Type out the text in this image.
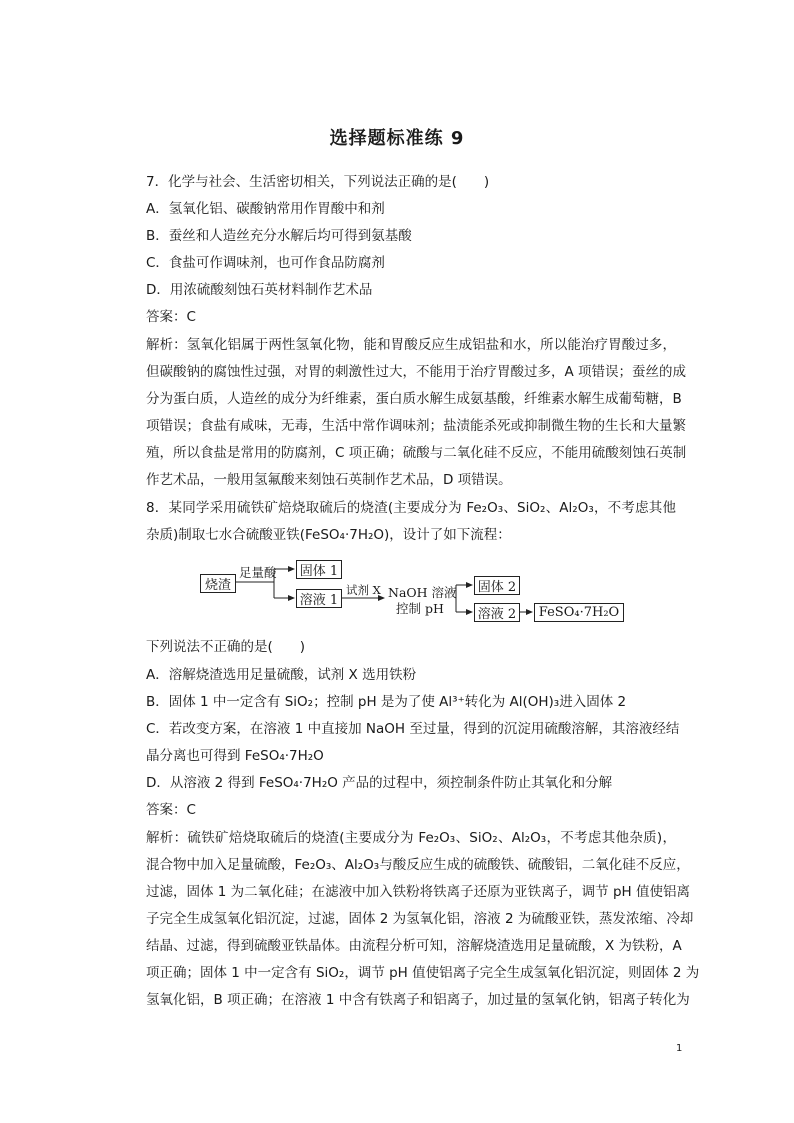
选择题标准练 9
7．化学与社会、生活密切相关，下列说法正确的是(　　)
A．氢氧化铝、碳酸钠常用作胃酸中和剂
B．蚕丝和人造丝充分水解后均可得到氨基酸
C．食盐可作调味剂，也可作食品防腐剂
D．用浓硫酸刻蚀石英材料制作艺术品
答案：C
解析：氢氧化铝属于两性氢氧化物，能和胃酸反应生成铝盐和水，所以能治疗胃酸过多，
但碳酸钠的腐蚀性过强，对胃的刺激性过大，不能用于治疗胃酸过多，A 项错误；蚕丝的成
分为蛋白质，人造丝的成分为纤维素，蛋白质水解生成氨基酸，纤维素水解生成葡萄糖，B
项错误；食盐有咸味，无毒，生活中常作调味剂；盐渍能杀死或抑制微生物的生长和大量繁
殖，所以食盐是常用的防腐剂，C 项正确；硫酸与二氧化硅不反应，不能用硫酸刻蚀石英制
作艺术品，一般用氢氟酸来刻蚀石英制作艺术品，D 项错误。
8．某同学采用硫铁矿焙烧取硫后的烧渣(主要成分为 Fe₂O₃、SiO₂、Al₂O₃，不考虑其他
杂质)制取七水合硫酸亚铁(FeSO₄·7H₂O)，设计了如下流程：
烧渣
足量酸 固体 1
溶液 1
试剂 X NaOH 溶液
控制 pH
固体 2
溶液 2	FeSO₄·7H₂O
下列说法不正确的是(　　)
A．溶解烧渣选用足量硫酸，试剂 X 选用铁粉
B．固体 1 中一定含有 SiO₂；控制 pH 是为了使 Al³⁺转化为 Al(OH)₃进入固体 2
C．若改变方案，在溶液 1 中直接加 NaOH 至过量，得到的沉淀用硫酸溶解，其溶液经结
晶分离也可得到 FeSO₄·7H₂O
D．从溶液 2 得到 FeSO₄·7H₂O 产品的过程中，须控制条件防止其氧化和分解
答案：C
解析：硫铁矿焙烧取硫后的烧渣(主要成分为 Fe₂O₃、SiO₂、Al₂O₃，不考虑其他杂质)，
混合物中加入足量硫酸，Fe₂O₃、Al₂O₃与酸反应生成的硫酸铁、硫酸铝，二氧化硅不反应，
过滤，固体 1 为二氧化硅；在滤液中加入铁粉将铁离子还原为亚铁离子，调节 pH 值使铝离
子完全生成氢氧化铝沉淀，过滤，固体 2 为氢氧化铝，溶液 2 为硫酸亚铁，蒸发浓缩、冷却
结晶、过滤，得到硫酸亚铁晶体。由流程分析可知，溶解烧渣选用足量硫酸，X 为铁粉，A
项正确；固体 1 中一定含有 SiO₂，调节 pH 值使铝离子完全生成氢氧化铝沉淀，则固体 2 为
氢氧化铝，B 项正确；在溶液 1 中含有铁离子和铝离子，加过量的氢氧化钠，铝离子转化为
1
